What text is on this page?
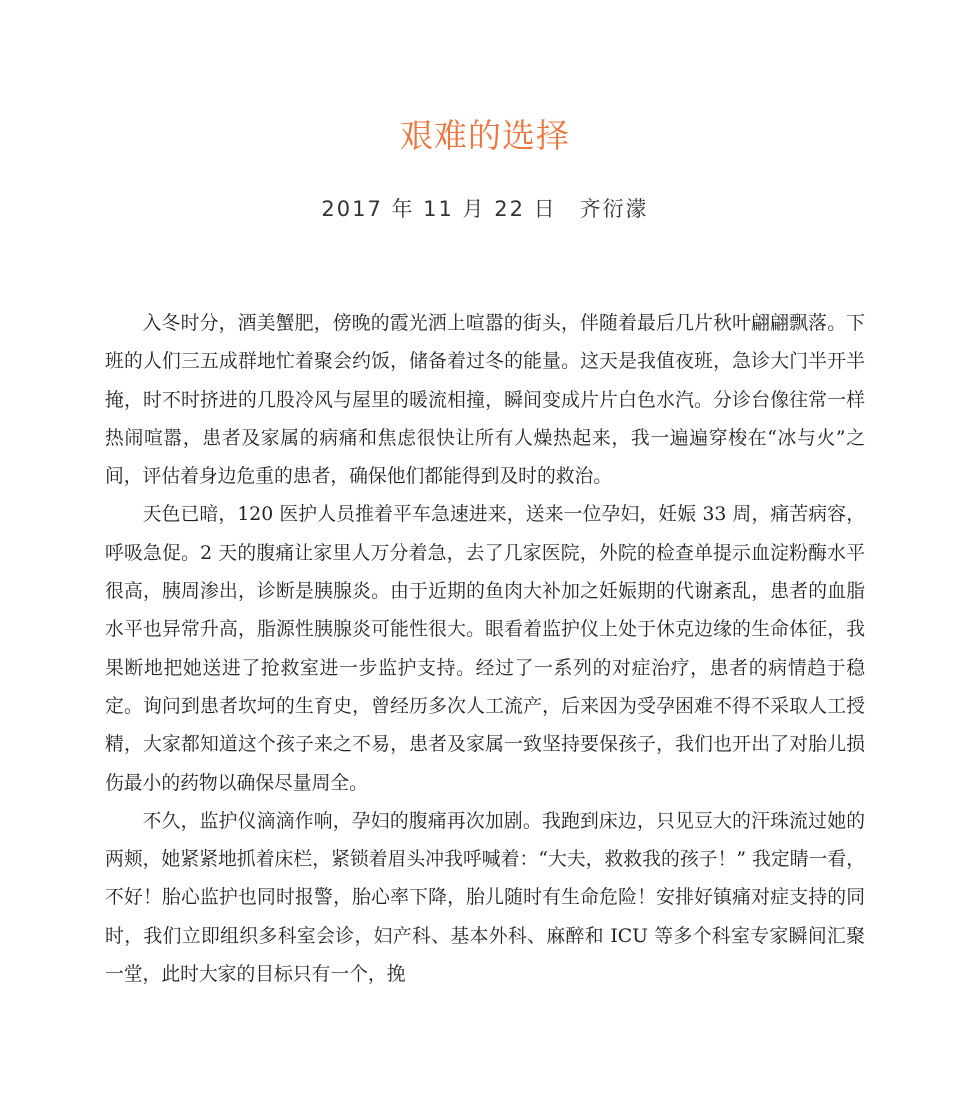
艰难的选择
2017 年 11 月 22 日　齐衍濛

入冬时分，酒美蟹肥，傍晚的霞光洒上喧嚣的街头，伴随着最后几片秋叶翩翩飘落。下班的人们三五成群地忙着聚会约饭，储备着过冬的能量。这天是我值夜班，急诊大门半开半掩，时不时挤进的几股冷风与屋里的暖流相撞，瞬间变成片片白色水汽。分诊台像往常一样热闹喧嚣，患者及家属的病痛和焦虑很快让所有人燥热起来，我一遍遍穿梭在“冰与火”之间，评估着身边危重的患者，确保他们都能得到及时的救治。

天色已暗，120 医护人员推着平车急速进来，送来一位孕妇，妊娠 33 周，痛苦病容，呼吸急促。2 天的腹痛让家里人万分着急，去了几家医院，外院的检查单提示血淀粉酶水平很高，胰周渗出，诊断是胰腺炎。由于近期的鱼肉大补加之妊娠期的代谢紊乱，患者的血脂水平也异常升高，脂源性胰腺炎可能性很大。眼看着监护仪上处于休克边缘的生命体征，我果断地把她送进了抢救室进一步监护支持。经过了一系列的对症治疗，患者的病情趋于稳定。询问到患者坎坷的生育史，曾经历多次人工流产，后来因为受孕困难不得不采取人工授精，大家都知道这个孩子来之不易，患者及家属一致坚持要保孩子，我们也开出了对胎儿损伤最小的药物以确保尽量周全。

不久，监护仪滴滴作响，孕妇的腹痛再次加剧。我跑到床边，只见豆大的汗珠流过她的两颊，她紧紧地抓着床栏，紧锁着眉头冲我呼喊着：“大夫，救救我的孩子！” 我定睛一看，不好！胎心监护也同时报警，胎心率下降，胎儿随时有生命危险！安排好镇痛对症支持的同时，我们立即组织多科室会诊，妇产科、基本外科、麻醉和 ICU 等多个科室专家瞬间汇聚一堂，此时大家的目标只有一个，挽
